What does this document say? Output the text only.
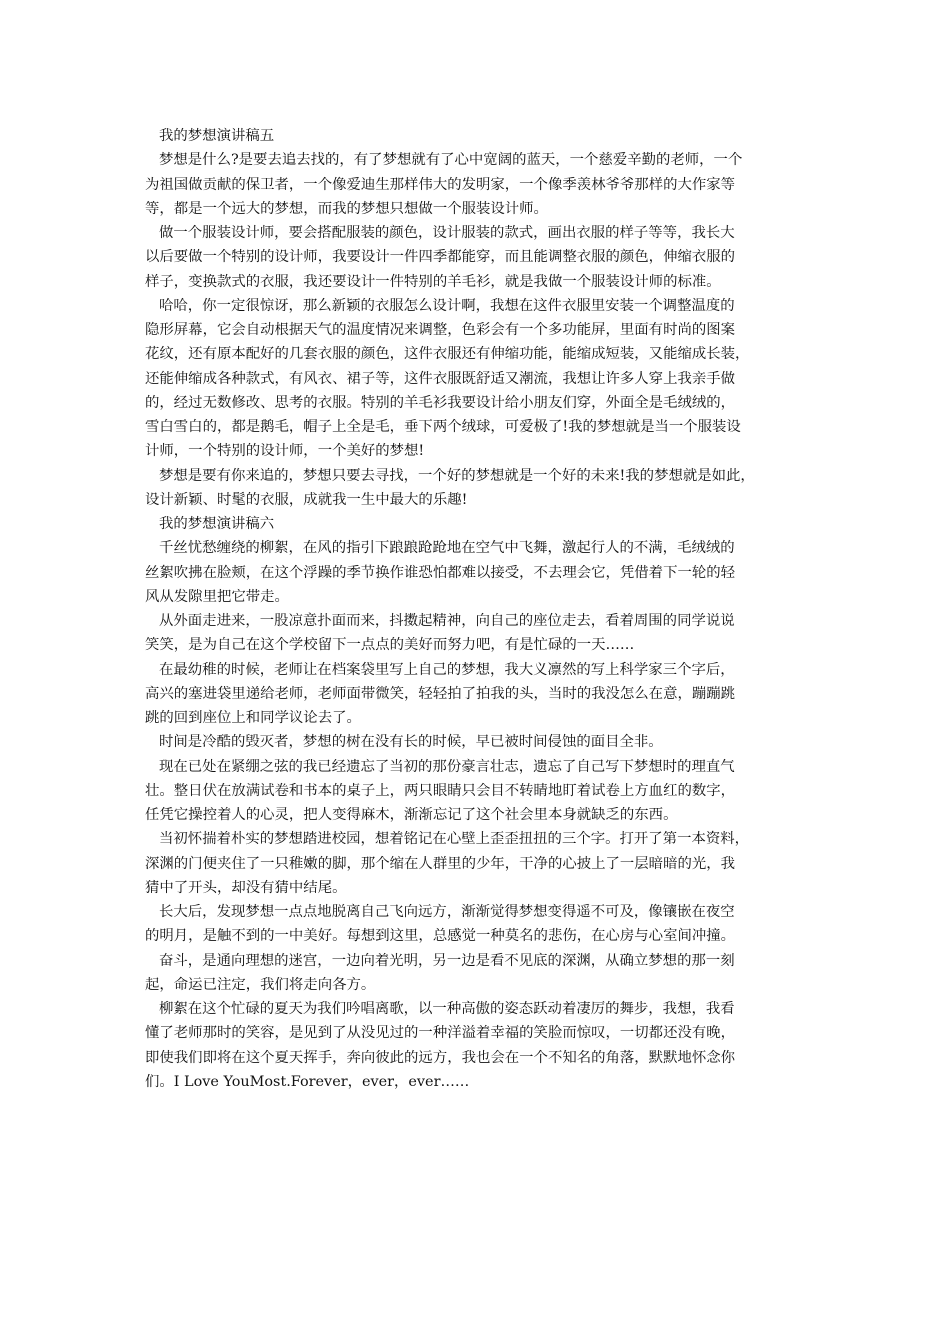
我的梦想演讲稿五

梦想是什么?是要去追去找的，有了梦想就有了心中宽阔的蓝天，一个慈爱辛勤的老师，一个
为祖国做贡献的保卫者，一个像爱迪生那样伟大的发明家，一个像季羡林爷爷那样的大作家等
等，都是一个远大的梦想，而我的梦想只想做一个服装设计师。

做一个服装设计师，要会搭配服装的颜色，设计服装的款式，画出衣服的样子等等，我长大
以后要做一个特别的设计师，我要设计一件四季都能穿，而且能调整衣服的颜色，伸缩衣服的
样子，变换款式的衣服，我还要设计一件特别的羊毛衫，就是我做一个服装设计师的标准。

哈哈，你一定很惊讶，那么新颖的衣服怎么设计啊，我想在这件衣服里安装一个调整温度的
隐形屏幕，它会自动根据天气的温度情况来调整，色彩会有一个多功能屏，里面有时尚的图案
花纹，还有原本配好的几套衣服的颜色，这件衣服还有伸缩功能，能缩成短装，又能缩成长装，
还能伸缩成各种款式，有风衣、裙子等，这件衣服既舒适又潮流，我想让许多人穿上我亲手做
的，经过无数修改、思考的衣服。特别的羊毛衫我要设计给小朋友们穿，外面全是毛绒绒的，
雪白雪白的，都是鹅毛，帽子上全是毛，垂下两个绒球，可爱极了!我的梦想就是当一个服装设
计师，一个特别的设计师，一个美好的梦想!

梦想是要有你来追的，梦想只要去寻找，一个好的梦想就是一个好的未来!我的梦想就是如此，
设计新颖、时髦的衣服，成就我一生中最大的乐趣!

我的梦想演讲稿六

千丝忧愁缠绕的柳絮，在风的指引下踉踉跄跄地在空气中飞舞，激起行人的不满，毛绒绒的
丝絮吹拂在脸颊，在这个浮躁的季节换作谁恐怕都难以接受，不去理会它，凭借着下一轮的轻
风从发隙里把它带走。

从外面走进来，一股凉意扑面而来，抖擞起精神，向自己的座位走去，看着周围的同学说说
笑笑，是为自己在这个学校留下一点点的美好而努力吧，有是忙碌的一天……

在最幼稚的时候，老师让在档案袋里写上自己的梦想，我大义凛然的写上科学家三个字后，
高兴的塞进袋里递给老师，老师面带微笑，轻轻拍了拍我的头，当时的我没怎么在意，蹦蹦跳
跳的回到座位上和同学议论去了。

时间是冷酷的毁灭者，梦想的树在没有长的时候，早已被时间侵蚀的面目全非。

现在已处在紧绷之弦的我已经遗忘了当初的那份豪言壮志，遗忘了自己写下梦想时的理直气
壮。整日伏在放满试卷和书本的桌子上，两只眼睛只会目不转睛地盯着试卷上方血红的数字，
任凭它操控着人的心灵，把人变得麻木，渐渐忘记了这个社会里本身就缺乏的东西。

当初怀揣着朴实的梦想踏进校园，想着铭记在心壁上歪歪扭扭的三个字。打开了第一本资料，
深渊的门便夹住了一只稚嫩的脚，那个缩在人群里的少年，干净的心披上了一层暗暗的光，我
猜中了开头，却没有猜中结尾。

长大后，发现梦想一点点地脱离自己飞向远方，渐渐觉得梦想变得遥不可及，像镶嵌在夜空
的明月，是触不到的一中美好。每想到这里，总感觉一种莫名的悲伤，在心房与心室间冲撞。

奋斗，是通向理想的迷宫，一边向着光明，另一边是看不见底的深渊，从确立梦想的那一刻
起，命运已注定，我们将走向各方。

柳絮在这个忙碌的夏天为我们吟唱离歌，以一种高傲的姿态跃动着凄厉的舞步，我想，我看
懂了老师那时的笑容，是见到了从没见过的一种洋溢着幸福的笑脸而惊叹，一切都还没有晚，
即使我们即将在这个夏天挥手，奔向彼此的远方，我也会在一个不知名的角落，默默地怀念你
们。I Love YouMost.Forever，ever，ever……
